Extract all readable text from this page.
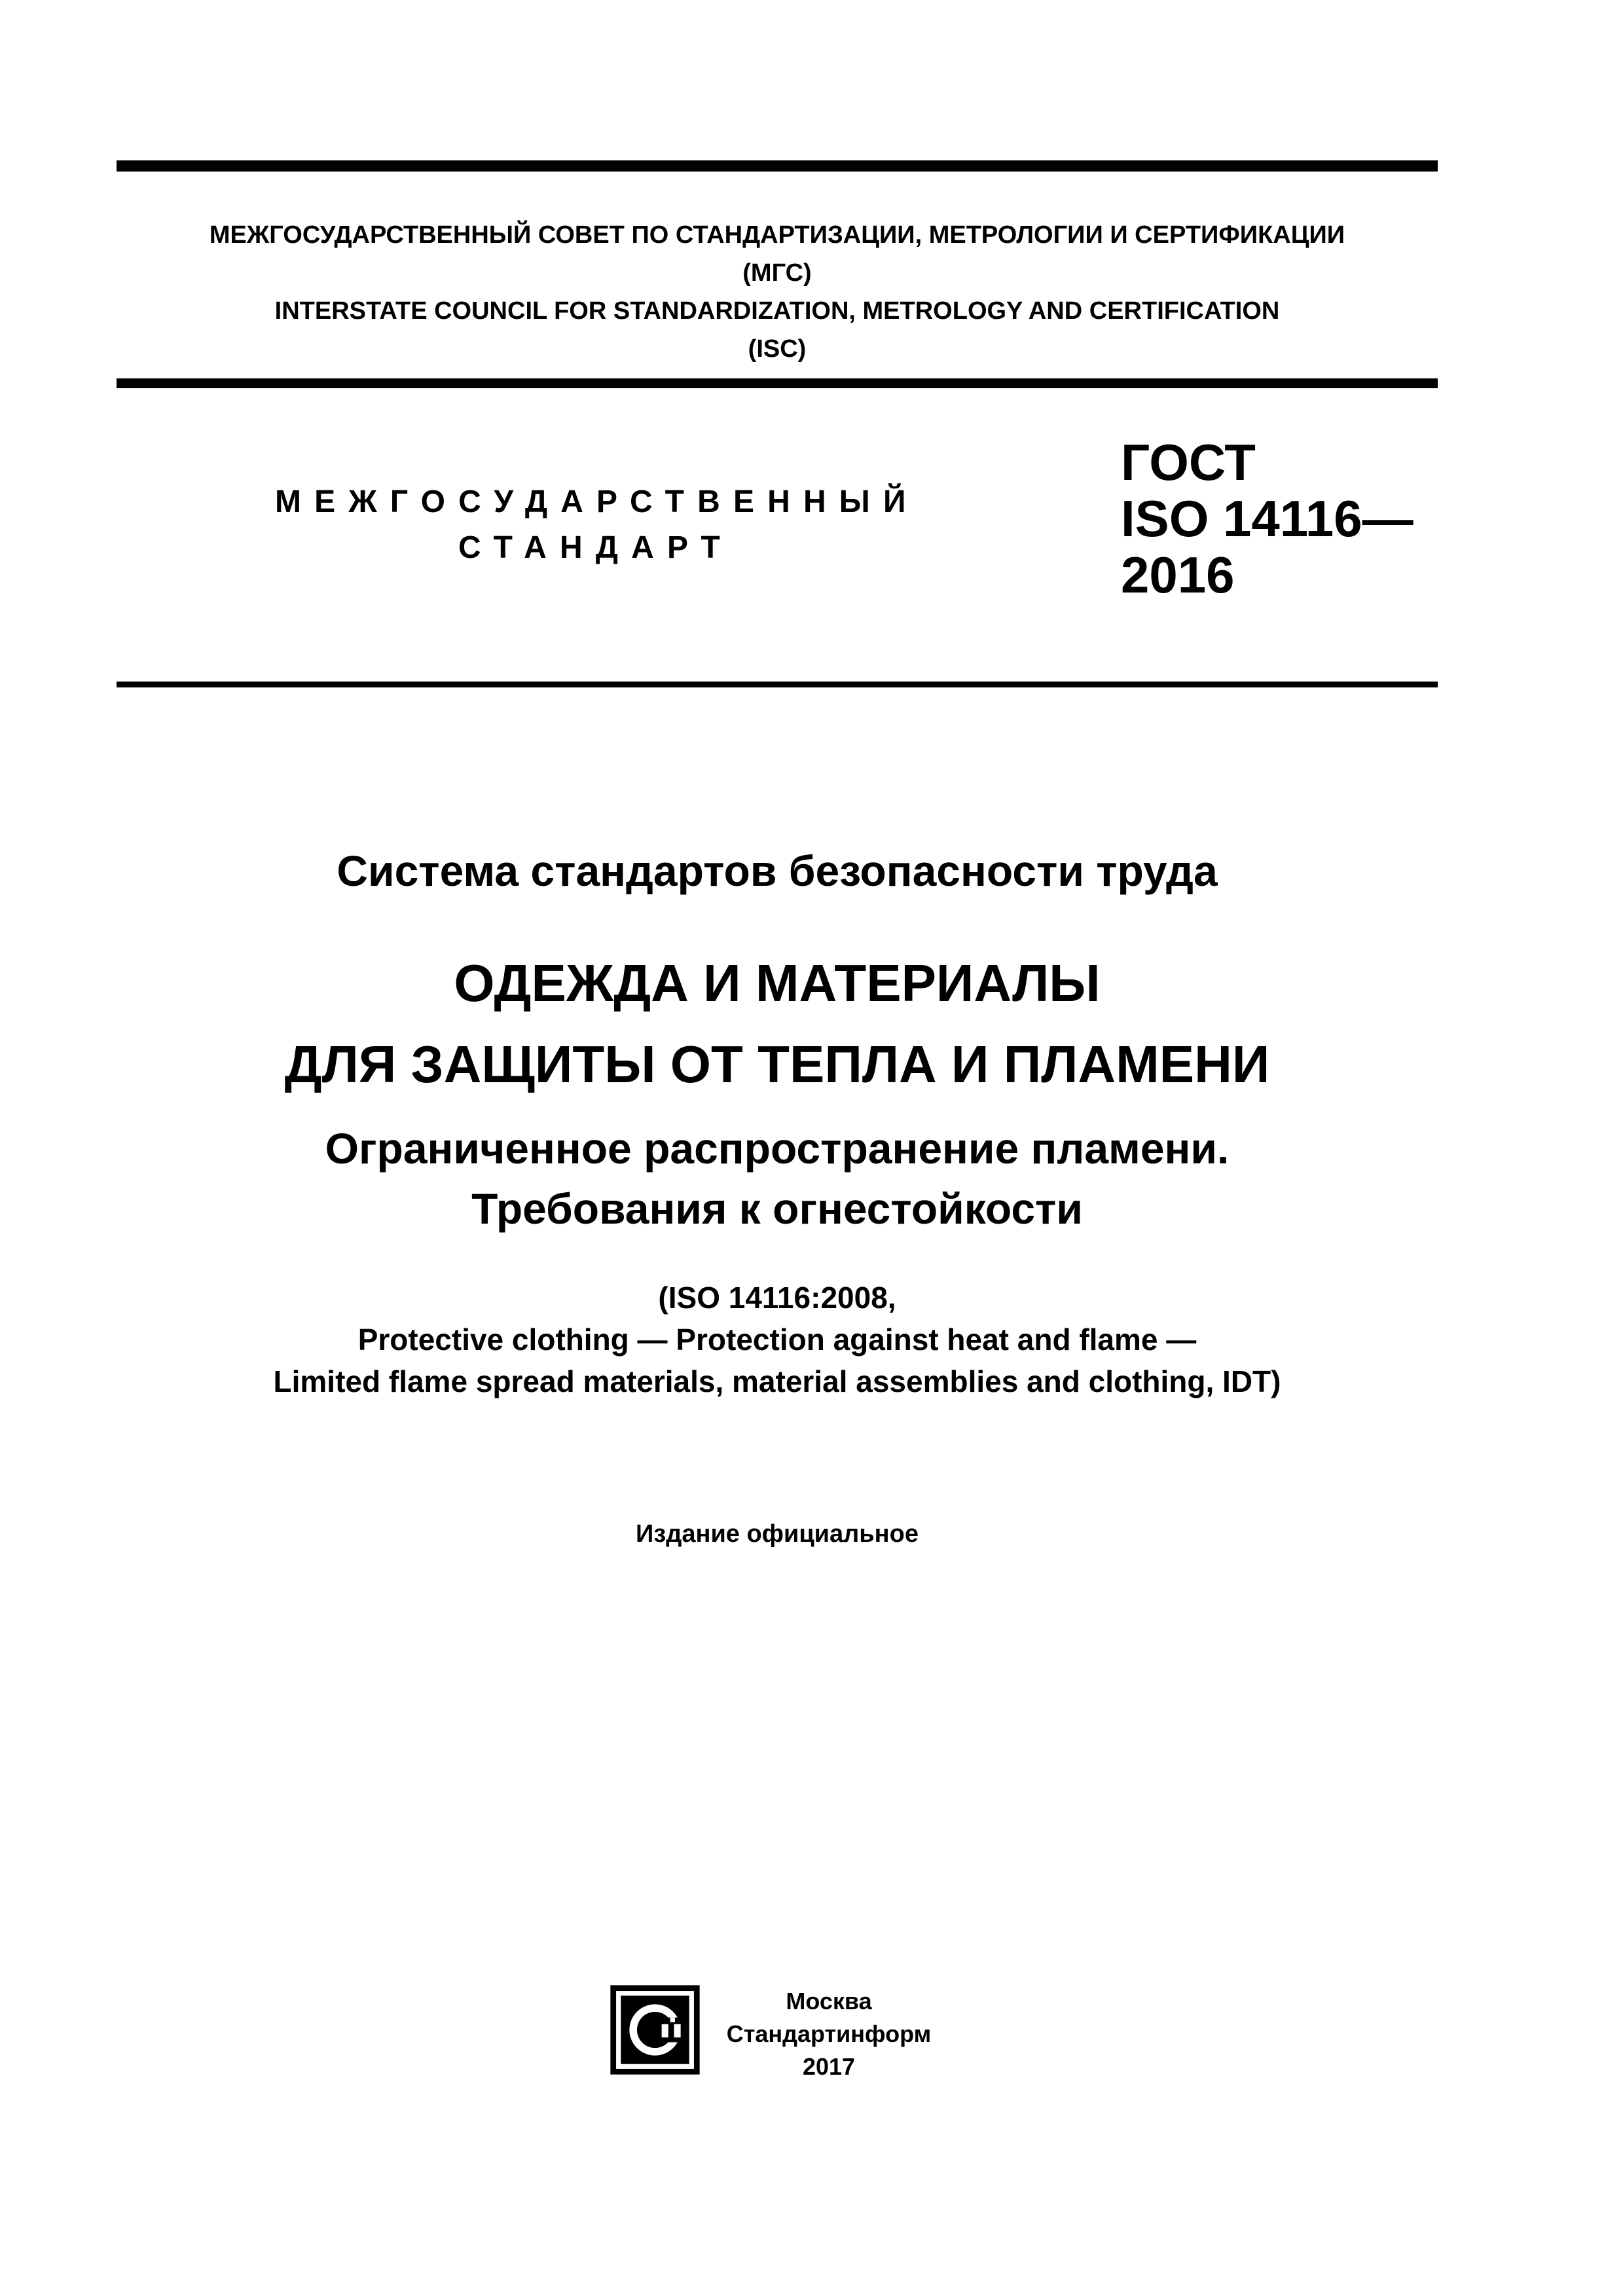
МЕЖГОСУДАРСТВЕННЫЙ СОВЕТ ПО СТАНДАРТИЗАЦИИ, МЕТРОЛОГИИ И СЕРТИФИКАЦИИ
(МГС)
INTERSTATE COUNCIL FOR STANDARDIZATION, METROLOGY AND CERTIFICATION
(ISC)
МЕЖГОСУДАРСТВЕННЫЙ
СТАНДАРТ
ГОСТ
ISO 14116—
2016
Система стандартов безопасности труда
ОДЕЖДА И МАТЕРИАЛЫ
ДЛЯ ЗАЩИТЫ ОТ ТЕПЛА И ПЛАМЕНИ
Ограниченное распространение пламени.
Требования к огнестойкости
(ISO 14116:2008,
Protective clothing — Protection against heat and flame —
Limited flame spread materials, material assemblies and clothing, IDT)
Издание официальное
Москва
Стандартинформ
2017
